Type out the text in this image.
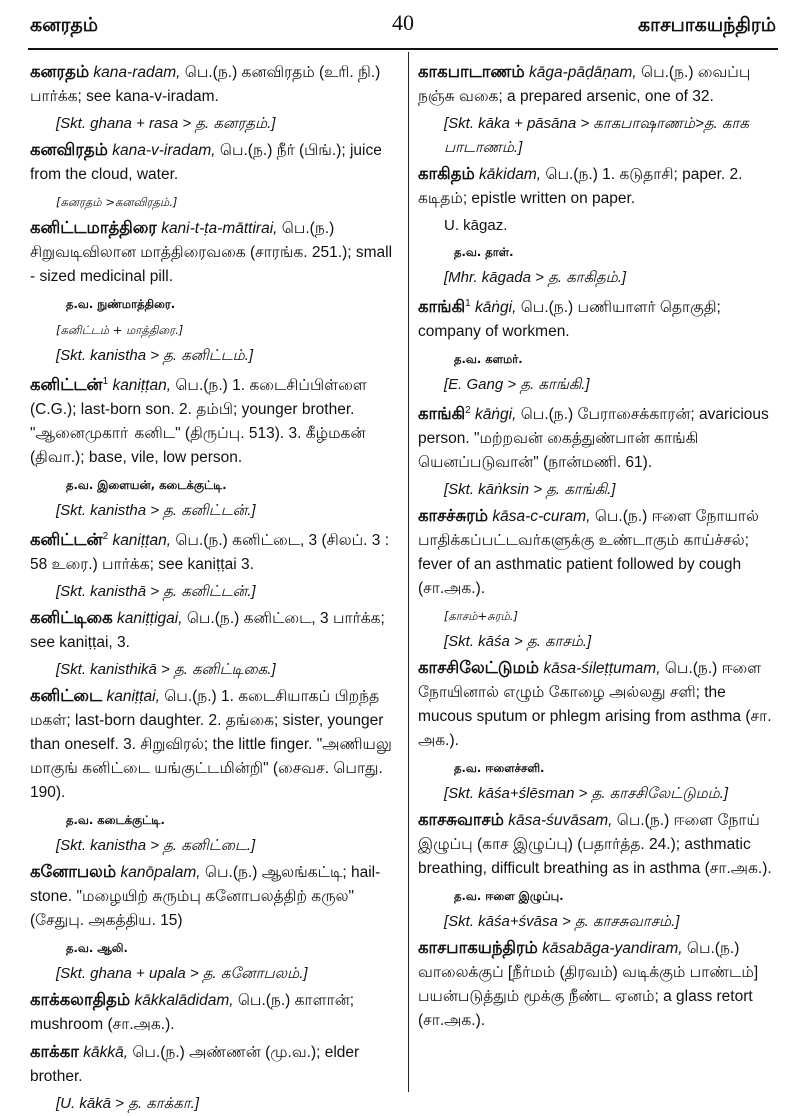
கனரதம்	40	காசபாகயந்திரம்
கனரதம் kana-radam, பெ.(ந.) கனவிரதம் (உரி. நி.) பார்க்க; see kana-v-iradam.
[Skt. ghana + rasa > த. கனரதம்.]
கனவிரதம் kana-v-iradam, பெ.(ந.) நீர் (பிங்.); juice from the cloud, water.
[கனரதம் >கனவிரதம்.]
கனிட்டமாத்திரை kani-t-ṭa-māttirai, பெ.(ந.) சிறுவடிவிலான மாத்திரைவகை (சாரங்க. 251.); small - sized medicinal pill.
த.வ. நுண்மாத்திரை.
[கனிட்டம் + மாத்திரை.]
[Skt. kanistha > த. கனிட்டம்.]
கனிட்டன்$^1$ kaniṭṭan, பெ.(ந.) 1. கடைசிப்பிள்ளை (C.G.); last-born son. 2. தம்பி; younger brother. "ஆனைமுகாா் கனிட" (திருப்பு. 513). 3. கீழ்மகன் (திவா.); base, vile, low person.
த.வ. இளையன், கடைக்குட்டி.
[Skt. kanistha > த. கனிட்டன்.]
கனிட்டன்$^2$ kaniṭṭan, பெ.(ந.) கனிட்டை, 3 (சிலப். 3 : 58 உரை.) பார்க்க; see kaniṭṭai 3.
[Skt. kanisthā > த. கனிட்டன்.]
கனிட்டிகை kaniṭṭigai, பெ.(ந.) கனிட்டை, 3 பார்க்க; see kaniṭṭai, 3.
[Skt. kanisthikā > த. கனிட்டிகை.]
கனிட்டை kaniṭṭai, பெ.(ந.) 1. கடைசியாகப் பிறந்த மகள்; last-born daughter. 2. தங்கை; sister, younger than oneself. 3. சிறுவிரல்; the little finger. "அணியலு மாகுங் கனிட்டை யங்குட்டமின்றி" (சைவச. பொது. 190).
த.வ. கடைக்குட்டி.
[Skt. kanistha > த. கனிட்டை.]
கனோபலம் kanōpalam, பெ.(ந.) ஆலங்கட்டி; hail-stone. "மழையிற் சுரும்பு கனோபலத்திற் கருல" (சேதுபு. அகத்திய. 15)
த.வ. ஆலி.
[Skt. ghana + upala > த. கனோபலம்.]
காக்கலாதிதம் kākkalādidam, பெ.(ந.) காளான்; mushroom (சா.அக.).
காக்கா kākkā, பெ.(ந.) அண்ணன் (மு.வ.); elder brother.
[U. kākā > த. காக்கா.]
காகபாடாணம் kāga-pāḍāṇam, பெ.(ந.) வைப்பு நஞ்சு வகை; a prepared arsenic, one of 32.
[Skt. kāka + pāsāna > காகபாஷாணம்>த. காக பாடாணம்.]
காகிதம் kākidam, பெ.(ந.) 1. கடுதாசி; paper. 2. கடிதம்; epistle written on paper.
U. kāgaz.
த.வ. தாள்.
[Mhr. kāgada > த. காகிதம்.]
காங்கி$^1$ kāṅgi, பெ.(ந.) பணியாளர் தொகுதி; company of workmen.
த.வ. களமர்.
[E. Gang > த. காங்கி.]
காங்கி$^2$ kāṅgi, பெ.(ந.) பேராசைக்காரன்; avaricious person. "மற்றவன் கைத்துண்பான் காங்கி யெனப்படுவான்" (நான்மணி. 61).
[Skt. kāṅksin > த. காங்கி.]
காசச்சுரம் kāsa-c-curam, பெ.(ந.) ஈளை நோயால் பாதிக்கப்பட்டவர்களுக்கு உண்டாகும் காய்ச்சல்; fever of an asthmatic patient followed by cough (சா.அக.).
[காசம்+சுரம்.]
[Skt. kāśa > த. காசம்.]
காசசிலேட்டுமம் kāsa-śileṭṭumam, பெ.(ந.) ஈளை நோயினால் எழும் கோழை அல்லது சளி; the mucous sputum or phlegm arising from asthma (சா. அக.).
த.வ. ஈளைச்சளி.
[Skt. kāśa+ślēsman > த. காசசிலேட்டுமம்.]
காசசுவாசம் kāsa-śuvāsam, பெ.(ந.) ஈளை நோய் இழுப்பு (காச இழுப்பு) (பதார்த்த. 24.); asthmatic breathing, difficult breathing as in asthma (சா.அக.).
த.வ. ஈளை இழுப்பு.
[Skt. kāśa+śvāsa > த. காசசுவாசம்.]
காசபாகயந்திரம் kāsabāga-yandiram, பெ.(ந.) வாலைக்குப் [நீர்மம் (திரவம்) வடிக்கும் பாண்டம்] பயன்படுத்தும் மூக்கு நீண்ட ஏனம்; a glass retort (சா.அக.).
